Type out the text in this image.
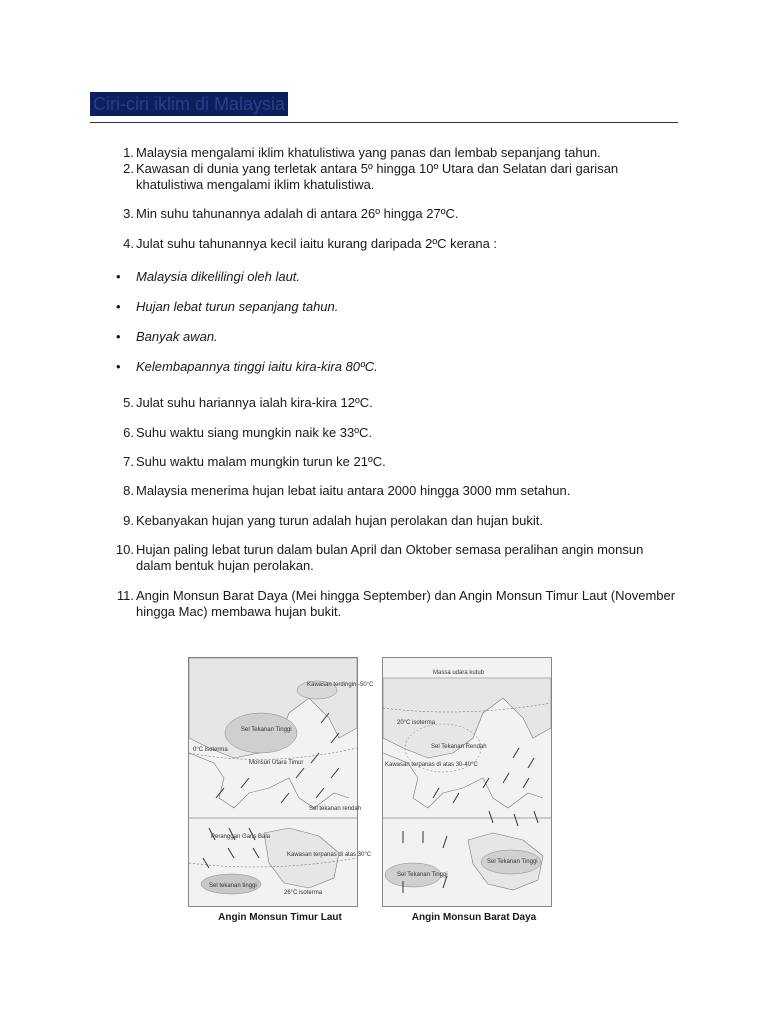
Ciri-ciri iklim di Malaysia
1. Malaysia mengalami iklim khatulistiwa yang panas dan lembab sepanjang tahun.
2. Kawasan di dunia yang terletak antara 5º hingga 10º Utara dan Selatan dari garisan khatulistiwa mengalami iklim khatulistiwa.
3. Min suhu tahunannya adalah di antara 26º hingga 27ºC.
4. Julat suhu tahunannya kecil iaitu kurang daripada 2ºC kerana :
•	Malaysia dikelilingi oleh laut.
•	Hujan lebat turun sepanjang tahun.
•	Banyak awan.
•	Kelembapannya tinggi iaitu kira-kira 80ºC.
5. Julat suhu hariannya ialah kira-kira 12ºC.
6. Suhu waktu siang mungkin naik ke 33ºC.
7. Suhu waktu malam mungkin turun ke 21ºC.
8. Malaysia menerima hujan lebat iaitu antara 2000 hingga 3000 mm setahun.
9. Kebanyakan hujan yang turun adalah hujan perolakan dan hujan bukit.
10. Hujan paling lebat turun dalam bulan April dan Oktober semasa peralihan angin monsun dalam bentuk hujan perolakan.
11. Angin Monsun Barat Daya (Mei hingga September) dan Angin Monsun Timur Laut (November hingga Mac) membawa hujan bukit.
Kawasan terdingin -50°C
Sel Tekanan Tinggi
0°C isoterma
Monsun Utara Timur
Sel tekanan rendah
Peranggan Garis Bala
Kawasan terpanas di atas 30°C
Sel tekanan tinggi
26°C isoterma
Angin Monsun Timur Laut
Massa udara kutub
20°C isoterma
Sel Tekanan Rendah
Kawasan terpanas di atas 30-40°C
Sel Tekanan Tinggi
Sel Tekanan Tinggi
Angin Monsun Barat Daya
